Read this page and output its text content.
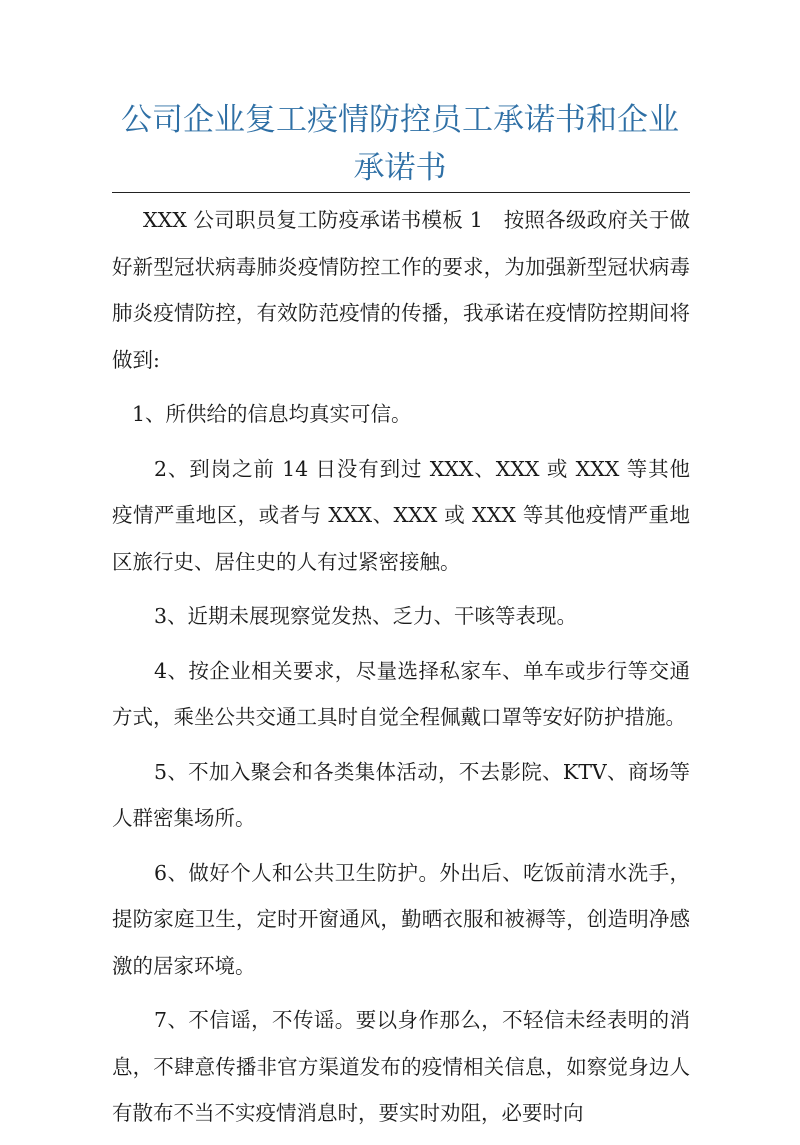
公司企业复工疫情防控员工承诺书和企业承诺书

XXX 公司职员复工防疫承诺书模板 1　按照各级政府关于做好新型冠状病毒肺炎疫情防控工作的要求，为加强新型冠状病毒肺炎疫情防控，有效防范疫情的传播，我承诺在疫情防控期间将做到:

1、所供给的信息均真实可信。

2、到岗之前 14 日没有到过 XXX、XXX 或 XXX 等其他疫情严重地区，或者与 XXX、XXX 或 XXX 等其他疫情严重地区旅行史、居住史的人有过紧密接触。

3、近期未展现察觉发热、乏力、干咳等表现。

4、按企业相关要求，尽量选择私家车、单车或步行等交通方式，乘坐公共交通工具时自觉全程佩戴口罩等安好防护措施。

5、不加入聚会和各类集体活动，不去影院、KTV、商场等人群密集场所。

6、做好个人和公共卫生防护。外出后、吃饭前清水洗手，提防家庭卫生，定时开窗通风，勤晒衣服和被褥等，创造明净感激的居家环境。

7、不信谣，不传谣。要以身作那么，不轻信未经表明的消息，不肆意传播非官方渠道发布的疫情相关信息，如察觉身边人有散布不当不实疫情消息时，要实时劝阻，必要时向
